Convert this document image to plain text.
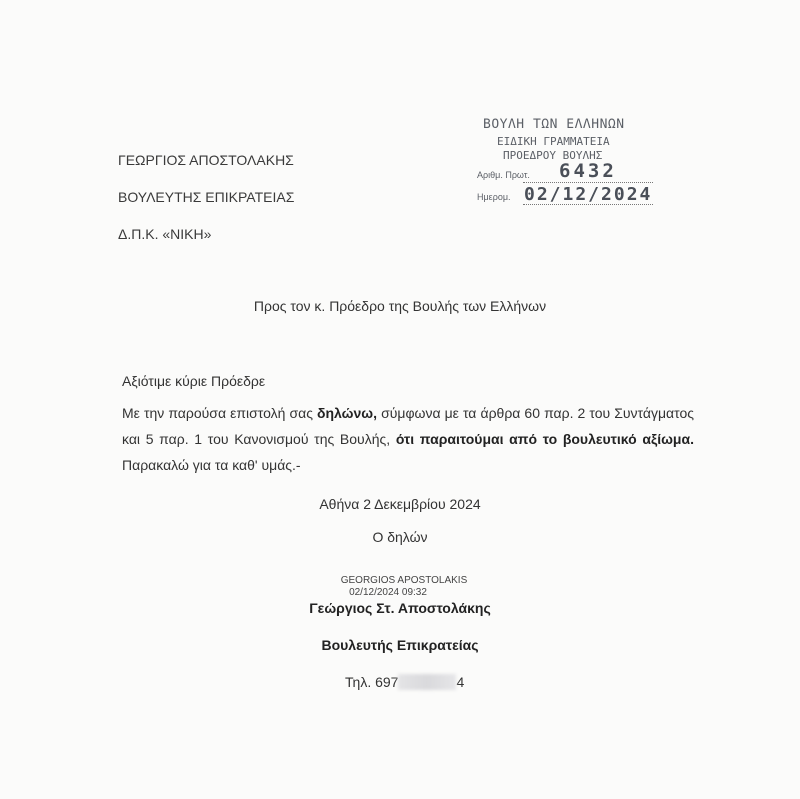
ΓΕΩΡΓΙΟΣ ΑΠΟΣΤΟΛΑΚΗΣ
ΒΟΥΛΕΥΤΗΣ ΕΠΙΚΡΑΤΕΙΑΣ
Δ.Π.Κ. «ΝΙΚΗ»
ΒΟΥΛΗ ΤΩΝ ΕΛΛΗΝΩΝ
ΕΙΔΙΚΗ ΓΡΑΜΜΑΤΕΙΑ
ΠΡΟΕΔΡΟΥ ΒΟΥΛΗΣ
Αριθμ. Πρωτ.
Ημερομ.
6432
02/12/2024
Προς τον κ. Πρόεδρο της Βουλής των Ελλήνων
Αξιότιμε κύριε Πρόεδρε
Με την παρούσα επιστολή σας δηλώνω, σύμφωνα με τα άρθρα 60 παρ. 2 του Συντάγματος και 5 παρ. 1 του Κανονισμού της Βουλής, ότι παραιτούμαι από το βουλευτικό αξίωμα. Παρακαλώ για τα καθ' υμάς.-
Αθήνα 2 Δεκεμβρίου 2024
Ο δηλών
GEORGIOS APOSTOLAKIS
02/12/2024 09:32
Γεώργιος Στ. Αποστολάκης
Βουλευτής Επικρατείας
Τηλ. 697	4
